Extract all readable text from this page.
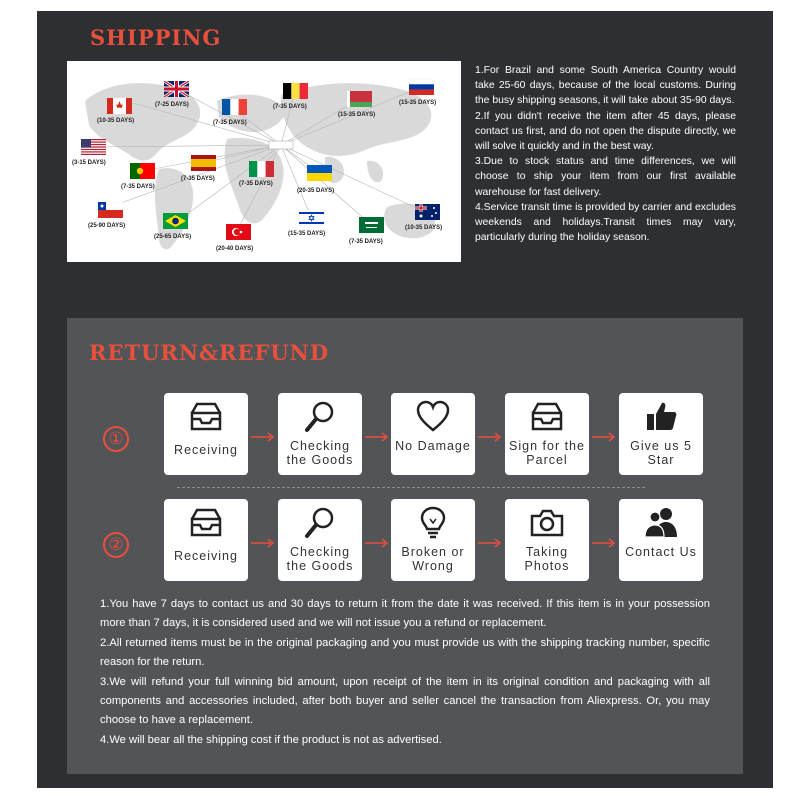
SHIPPING
(10-35 DAYS)
(7-25 DAYS)
(7-35 DAYS)
(7-35 DAYS)
(15-35 DAYS)
(15-35 DAYS)
(3-15 DAYS)
(7-35 DAYS)
(7-35 DAYS)
(7-35 DAYS)
(20-35 DAYS)
(25-90 DAYS)
(25-65 DAYS)
(20-40 DAYS)
(15-35 DAYS)
(7-35 DAYS)
(10-35 DAYS)

1.For Brazil and some South America Country would take 25-60 days, because of the local customs. During the busy shipping seasons, it will take about 35-90 days.

2.If you didn't receive the item after 45 days, please contact us first, and do not open the dispute directly, we will solve it quickly and in the best way.

3.Due to stock status and time differences, we will choose to ship your item from our first available warehouse for fast delivery.

4.Service transit time is provided by carrier and excludes weekends and holidays.Transit times may vary, particularly during the holiday season.

RETURN&REFUND
①
Receiving	Checking the Goods
No Damage	Sign for the Parcel
Give us 5 Star
②
Receiving	Checking the Goods
Broken or Wrong
Taking Photos
Contact Us

1.You have 7 days to contact us and 30 days to return it from the date it was received. If this item is in your possession more than 7 days, it is considered used and we will not issue you a refund or replacement.

2.All returned items must be in the original packaging and you must provide us with the shipping tracking number, specific reason for the return.

3.We will refund your full winning bid amount, upon receipt of the item in its original condition and packaging with all components and accessories included, after both buyer and seller cancel the transaction from Aliexpress. Or, you may choose to have a replacement.

4.We will bear all the shipping cost if the product is not as advertised.
